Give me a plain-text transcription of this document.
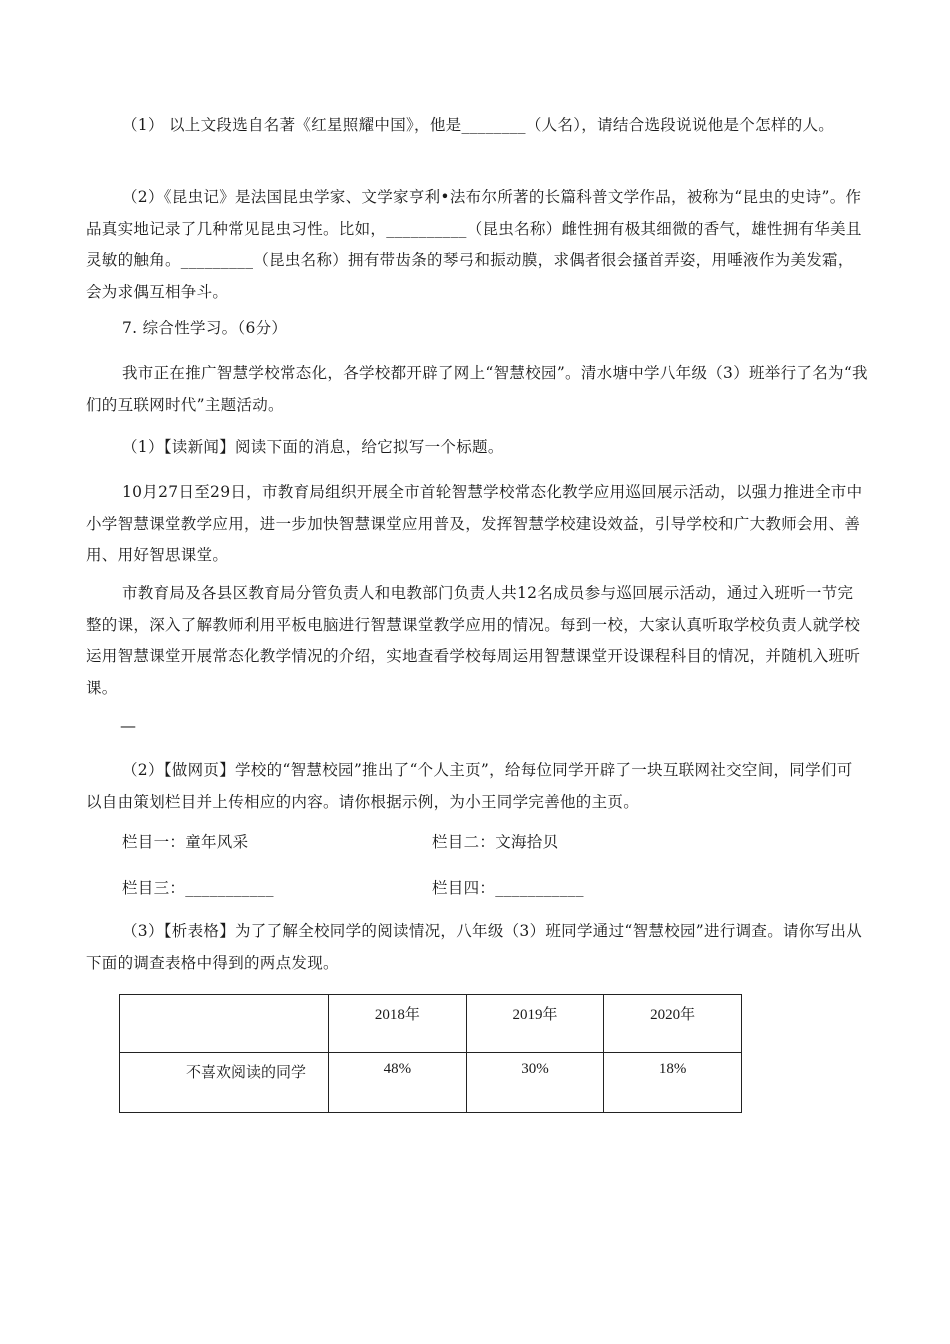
（1） 以上文段选自名著《红星照耀中国》，他是________（人名），请结合选段说说他是个怎样的人。

（2）《昆虫记》是法国昆虫学家、文学家亨利•法布尔所著的长篇科普文学作品，被称为“昆虫的史诗”。作品真实地记录了几种常见昆虫习性。比如，__________（昆虫名称）雌性拥有极其细微的香气，雄性拥有华美且灵敏的触角。_________（昆虫名称）拥有带齿条的琴弓和振动膜，求偶者很会搔首弄姿，用唾液作为美发霜，会为求偶互相争斗。

7. 综合性学习。（6分）

我市正在推广智慧学校常态化，各学校都开辟了网上“智慧校园”。清水塘中学八年级（3）班举行了名为“我们的互联网时代”主题活动。

（1）【读新闻】阅读下面的消息，给它拟写一个标题。

10月27日至29日，市教育局组织开展全市首轮智慧学校常态化教学应用巡回展示活动，以强力推进全市中小学智慧课堂教学应用，进一步加快智慧课堂应用普及，发挥智慧学校建设效益，引导学校和广大教师会用、善用、用好智思课堂。

市教育局及各县区教育局分管负责人和电教部门负责人共12名成员参与巡回展示活动，通过入班听一节完整的课，深入了解教师利用平板电脑进行智慧课堂教学应用的情况。每到一校，大家认真听取学校负责人就学校运用智慧课堂开展常态化教学情况的介绍，实地查看学校每周运用智慧课堂开设课程科目的情况，并随机入班听课。

—

（2）【做网页】学校的“智慧校园”推出了“个人主页”，给每位同学开辟了一块互联网社交空间，同学们可以自由策划栏目并上传相应的内容。请你根据示例，为小王同学完善他的主页。

栏目一：童年风采	栏目二：文海拾贝
栏目三：___________	栏目四：___________

（3）【析表格】为了了解全校同学的阅读情况，八年级（3）班同学通过“智慧校园”进行调查。请你写出从下面的调查表格中得到的两点发现。

	2018年	2019年	2020年
不喜欢阅读的同学	48%	30%	18%
